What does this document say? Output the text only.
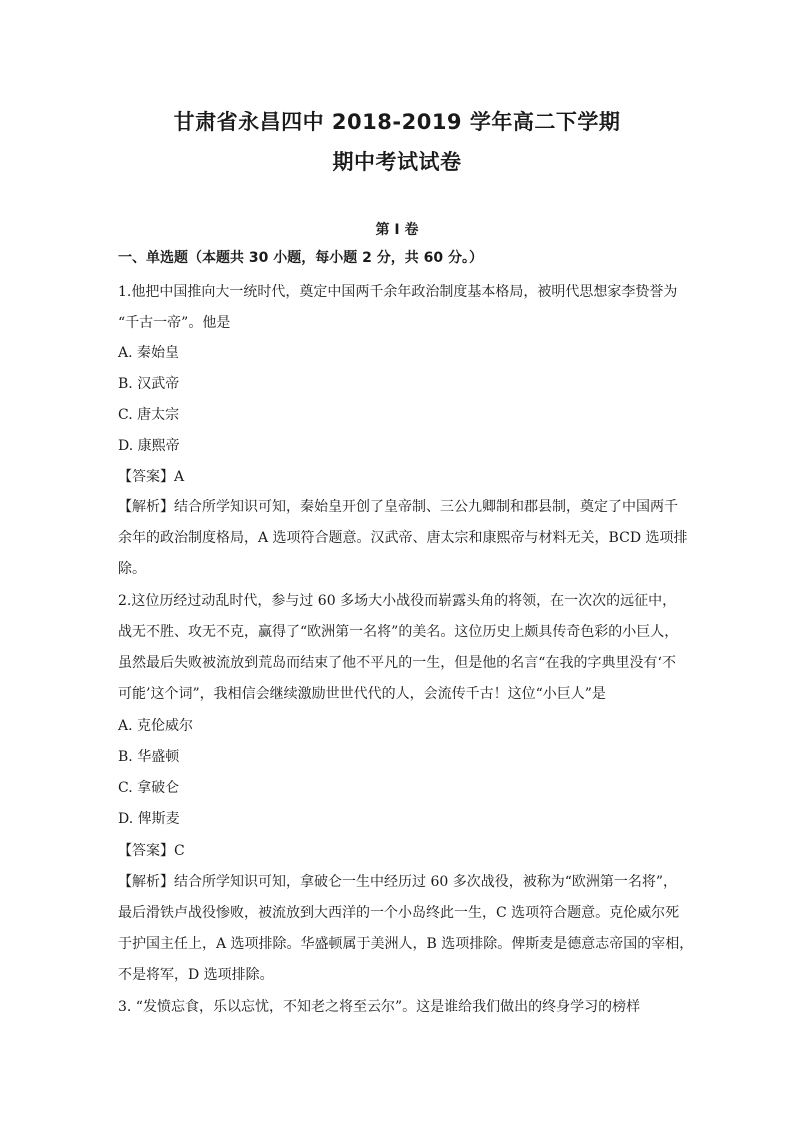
甘肃省永昌四中 2018-2019 学年高二下学期
期中考试试卷
第 I 卷
一、单选题（本题共 30 小题，每小题 2 分，共 60 分。）
1.他把中国推向大一统时代，奠定中国两千余年政治制度基本格局，被明代思想家李贽誉为
“千古一帝”。他是
A. 秦始皇
B. 汉武帝
C. 唐太宗
D. 康熙帝
【答案】A
【解析】结合所学知识可知，秦始皇开创了皇帝制、三公九卿制和郡县制，奠定了中国两千
余年的政治制度格局，A 选项符合题意。汉武帝、唐太宗和康熙帝与材料无关，BCD 选项排
除。
2.这位历经过动乱时代，参与过 60 多场大小战役而崭露头角的将领，在一次次的远征中，
战无不胜、攻无不克，赢得了“欧洲第一名将”的美名。这位历史上颇具传奇色彩的小巨人，
虽然最后失败被流放到荒岛而结束了他不平凡的一生，但是他的名言“在我的字典里没有‘不
可能’这个词”，我相信会继续激励世世代代的人，会流传千古！这位“小巨人”是
A. 克伦威尔
B. 华盛顿
C. 拿破仑
D. 俾斯麦
【答案】C
【解析】结合所学知识可知，拿破仑一生中经历过 60 多次战役，被称为“欧洲第一名将”，
最后滑铁卢战役惨败，被流放到大西洋的一个小岛终此一生，C 选项符合题意。克伦威尔死
于护国主任上，A 选项排除。华盛顿属于美洲人，B 选项排除。俾斯麦是德意志帝国的宰相，
不是将军，D 选项排除。
3. “发愤忘食，乐以忘忧，不知老之将至云尔”。这是谁给我们做出的终身学习的榜样
